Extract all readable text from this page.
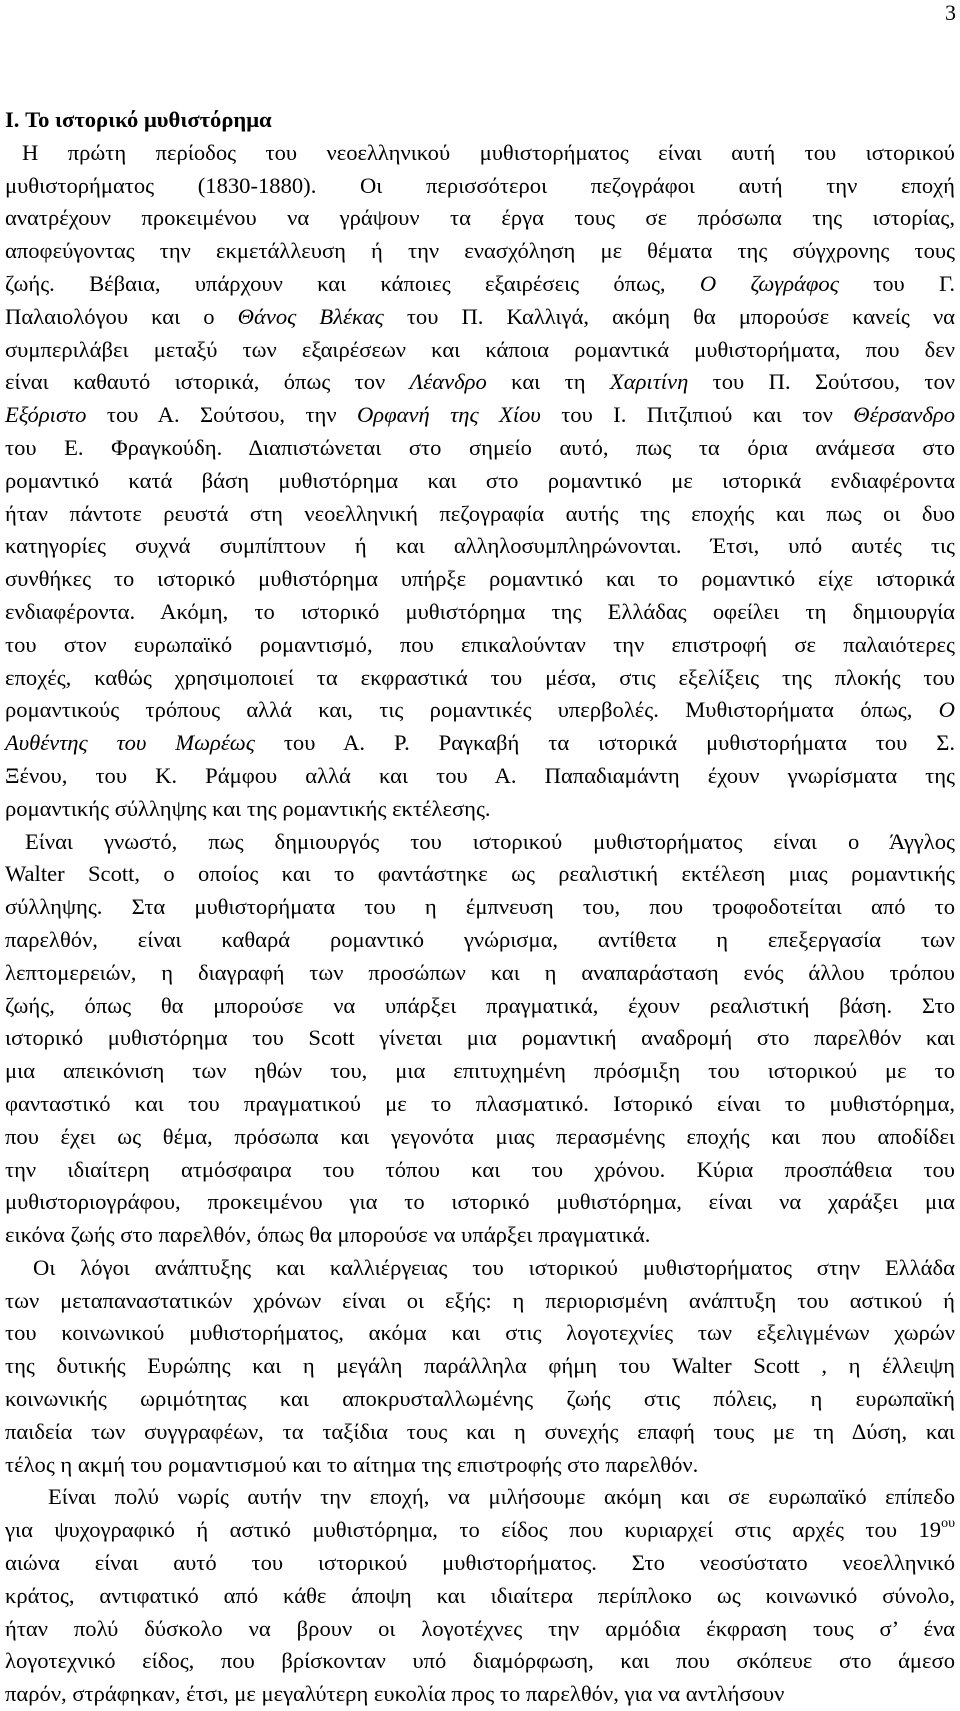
3
I. Το ιστορικό μυθιστόρημα
Η πρώτη περίοδος του νεοελληνικού μυθιστορήματος είναι αυτή του ιστορικού
μυθιστορήματος (1830-1880). Οι περισσότεροι πεζογράφοι αυτή την εποχή
ανατρέχουν προκειμένου να γράψουν τα έργα τους σε πρόσωπα της ιστορίας,
αποφεύγοντας την εκμετάλλευση ή την ενασχόληση με θέματα της σύγχρονης τους
ζωής. Βέβαια, υπάρχουν και κάποιες εξαιρέσεις όπως, Ο ζωγράφος του Γ.
Παλαιολόγου και ο Θάνος Βλέκας του Π. Καλλιγά, ακόμη θα μπορούσε κανείς να
συμπεριλάβει μεταξύ των εξαιρέσεων και κάποια ρομαντικά μυθιστορήματα, που δεν
είναι καθαυτό ιστορικά, όπως τον Λέανδρο και τη Χαριτίνη του Π. Σούτσου, τον
Εξόριστο του Α. Σούτσου, την Ορφανή της Χίου του Ι. Πιτζιπιού και τον Θέρσανδρο
του Ε. Φραγκούδη. Διαπιστώνεται στο σημείο αυτό, πως τα όρια ανάμεσα στο
ρομαντικό κατά βάση μυθιστόρημα και στο ρομαντικό με ιστορικά ενδιαφέροντα
ήταν πάντοτε ρευστά στη νεοελληνική πεζογραφία αυτής της εποχής και πως οι δυο
κατηγορίες συχνά συμπίπτουν ή και αλληλοσυμπληρώνονται. Έτσι, υπό αυτές τις
συνθήκες το ιστορικό μυθιστόρημα υπήρξε ρομαντικό και το ρομαντικό είχε ιστορικά
ενδιαφέροντα. Ακόμη, το ιστορικό μυθιστόρημα της Ελλάδας οφείλει τη δημιουργία
του στον ευρωπαϊκό ρομαντισμό, που επικαλούνταν την επιστροφή σε παλαιότερες
εποχές, καθώς χρησιμοποιεί τα εκφραστικά του μέσα, στις εξελίξεις της πλοκής του
ρομαντικούς τρόπους αλλά και, τις ρομαντικές υπερβολές. Μυθιστορήματα όπως, Ο
Αυθέντης του Μωρέως του Α. Ρ. Ραγκαβή τα ιστορικά μυθιστορήματα του Σ.
Ξένου, του Κ. Ράμφου αλλά και του Α. Παπαδιαμάντη έχουν γνωρίσματα της
ρομαντικής σύλληψης και της ρομαντικής εκτέλεσης.
Είναι γνωστό, πως δημιουργός του ιστορικού μυθιστορήματος είναι ο Άγγλος
Walter Scott, ο οποίος και το φαντάστηκε ως ρεαλιστική εκτέλεση μιας ρομαντικής
σύλληψης. Στα μυθιστορήματα του η έμπνευση του, που τροφοδοτείται από το
παρελθόν, είναι καθαρά ρομαντικό γνώρισμα, αντίθετα η επεξεργασία των
λεπτομερειών, η διαγραφή των προσώπων και η αναπαράσταση ενός άλλου τρόπου
ζωής, όπως θα μπορούσε να υπάρξει πραγματικά, έχουν ρεαλιστική βάση. Στο
ιστορικό μυθιστόρημα του Scott γίνεται μια ρομαντική αναδρομή στο παρελθόν και
μια απεικόνιση των ηθών του, μια επιτυχημένη πρόσμιξη του ιστορικού με το
φανταστικό και του πραγματικού με το πλασματικό. Ιστορικό είναι το μυθιστόρημα,
που έχει ως θέμα, πρόσωπα και γεγονότα μιας περασμένης εποχής και που αποδίδει
την ιδιαίτερη ατμόσφαιρα του τόπου και του χρόνου. Κύρια προσπάθεια του
μυθιστοριογράφου, προκειμένου για το ιστορικό μυθιστόρημα, είναι να χαράξει μια
εικόνα ζωής στο παρελθόν, όπως θα μπορούσε να υπάρξει πραγματικά.
Οι λόγοι ανάπτυξης και καλλιέργειας του ιστορικού μυθιστορήματος στην Ελλάδα
των μεταπαναστατικών χρόνων είναι οι εξής: η περιορισμένη ανάπτυξη του αστικού ή
του κοινωνικού μυθιστορήματος, ακόμα και στις λογοτεχνίες των εξελιγμένων χωρών
της δυτικής Ευρώπης και η μεγάλη παράλληλα φήμη του Walter Scott , η έλλειψη
κοινωνικής ωριμότητας και αποκρυσταλλωμένης ζωής στις πόλεις, η ευρωπαϊκή
παιδεία των συγγραφέων, τα ταξίδια τους και η συνεχής επαφή τους με τη Δύση, και
τέλος η ακμή του ρομαντισμού και το αίτημα της επιστροφής στο παρελθόν.
Είναι πολύ νωρίς αυτήν την εποχή, να μιλήσουμε ακόμη και σε ευρωπαϊκό επίπεδο
για ψυχογραφικό ή αστικό μυθιστόρημα, το είδος που κυριαρχεί στις αρχές του $19^{o\upsilon}$
αιώνα είναι αυτό του ιστορικού μυθιστορήματος. Στο νεοσύστατο νεοελληνικό
κράτος, αντιφατικό από κάθε άποψη και ιδιαίτερα περίπλοκο ως κοινωνικό σύνολο,
ήταν πολύ δύσκολο να βρουν οι λογοτέχνες την αρμόδια έκφραση τους σ’ ένα
λογοτεχνικό είδος, που βρίσκονταν υπό διαμόρφωση, και που σκόπευε στο άμεσο
παρόν, στράφηκαν, έτσι, με μεγαλύτερη ευκολία προς το παρελθόν, για να αντλήσουν
